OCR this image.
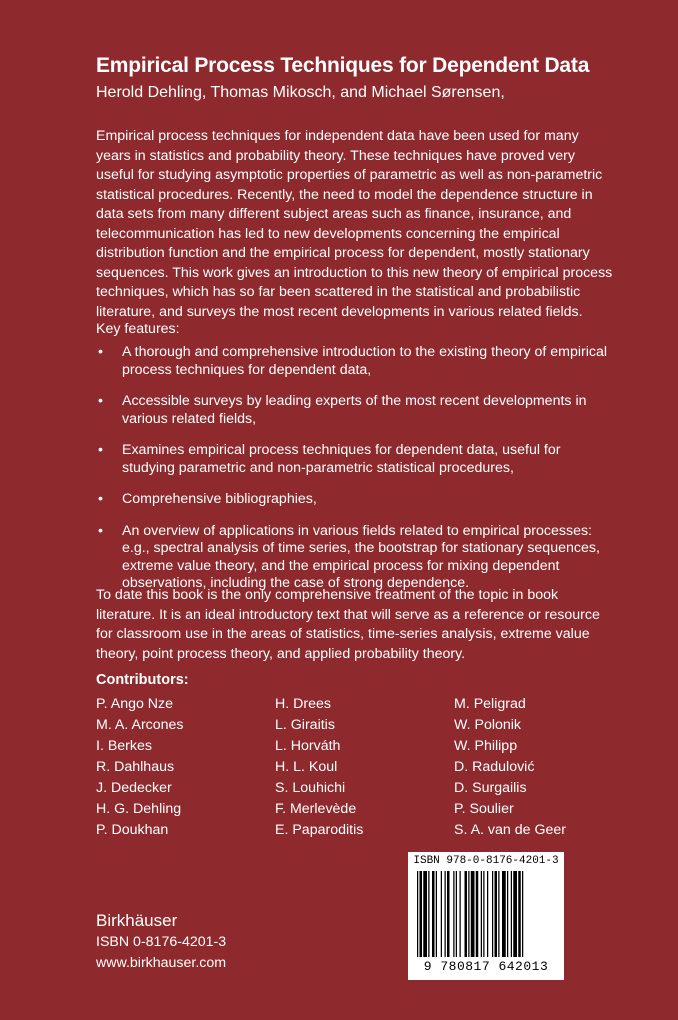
Empirical Process Techniques for Dependent Data
Herold Dehling, Thomas Mikosch, and Michael Sørensen,

Empirical process techniques for independent data have been used for many years in statistics and probability theory. These techniques have proved very useful for studying asymptotic properties of parametric as well as non-parametric statistical procedures. Recently, the need to model the dependence structure in data sets from many different subject areas such as finance, insurance, and telecommunication has led to new developments concerning the empirical distribution function and the empirical process for dependent, mostly stationary sequences. This work gives an introduction to this new theory of empirical process techniques, which has so far been scattered in the statistical and probabilistic literature, and surveys the most recent developments in various related fields.

Key features:
• A thorough and comprehensive introduction to the existing theory of empirical process techniques for dependent data,
• Accessible surveys by leading experts of the most recent developments in various related fields,
• Examines empirical process techniques for dependent data, useful for studying parametric and non-parametric statistical procedures,
• Comprehensive bibliographies,
• An overview of applications in various fields related to empirical processes: e.g., spectral analysis of time series, the bootstrap for stationary sequences, extreme value theory, and the empirical process for mixing dependent observations, including the case of strong dependence.

To date this book is the only comprehensive treatment of the topic in book literature. It is an ideal introductory text that will serve as a reference or resource for classroom use in the areas of statistics, time-series analysis, extreme value theory, point process theory, and applied probability theory.

Contributors:
P. Ango Nze
M. A. Arcones
I. Berkes
R. Dahlhaus
J. Dedecker
H. G. Dehling
P. Doukhan
H. Drees
L. Giraitis
L. Horváth
H. L. Koul
S. Louhichi
F. Merlevède
E. Paparoditis
M. Peligrad
W. Polonik
W. Philipp
D. Radulović
D. Surgailis
P. Soulier
S. A. van de Geer
Birkhäuser
ISBN 0-8176-4201-3
www.birkhauser.com
ISBN 978-0-8176-4201-3
9 780817 642013
